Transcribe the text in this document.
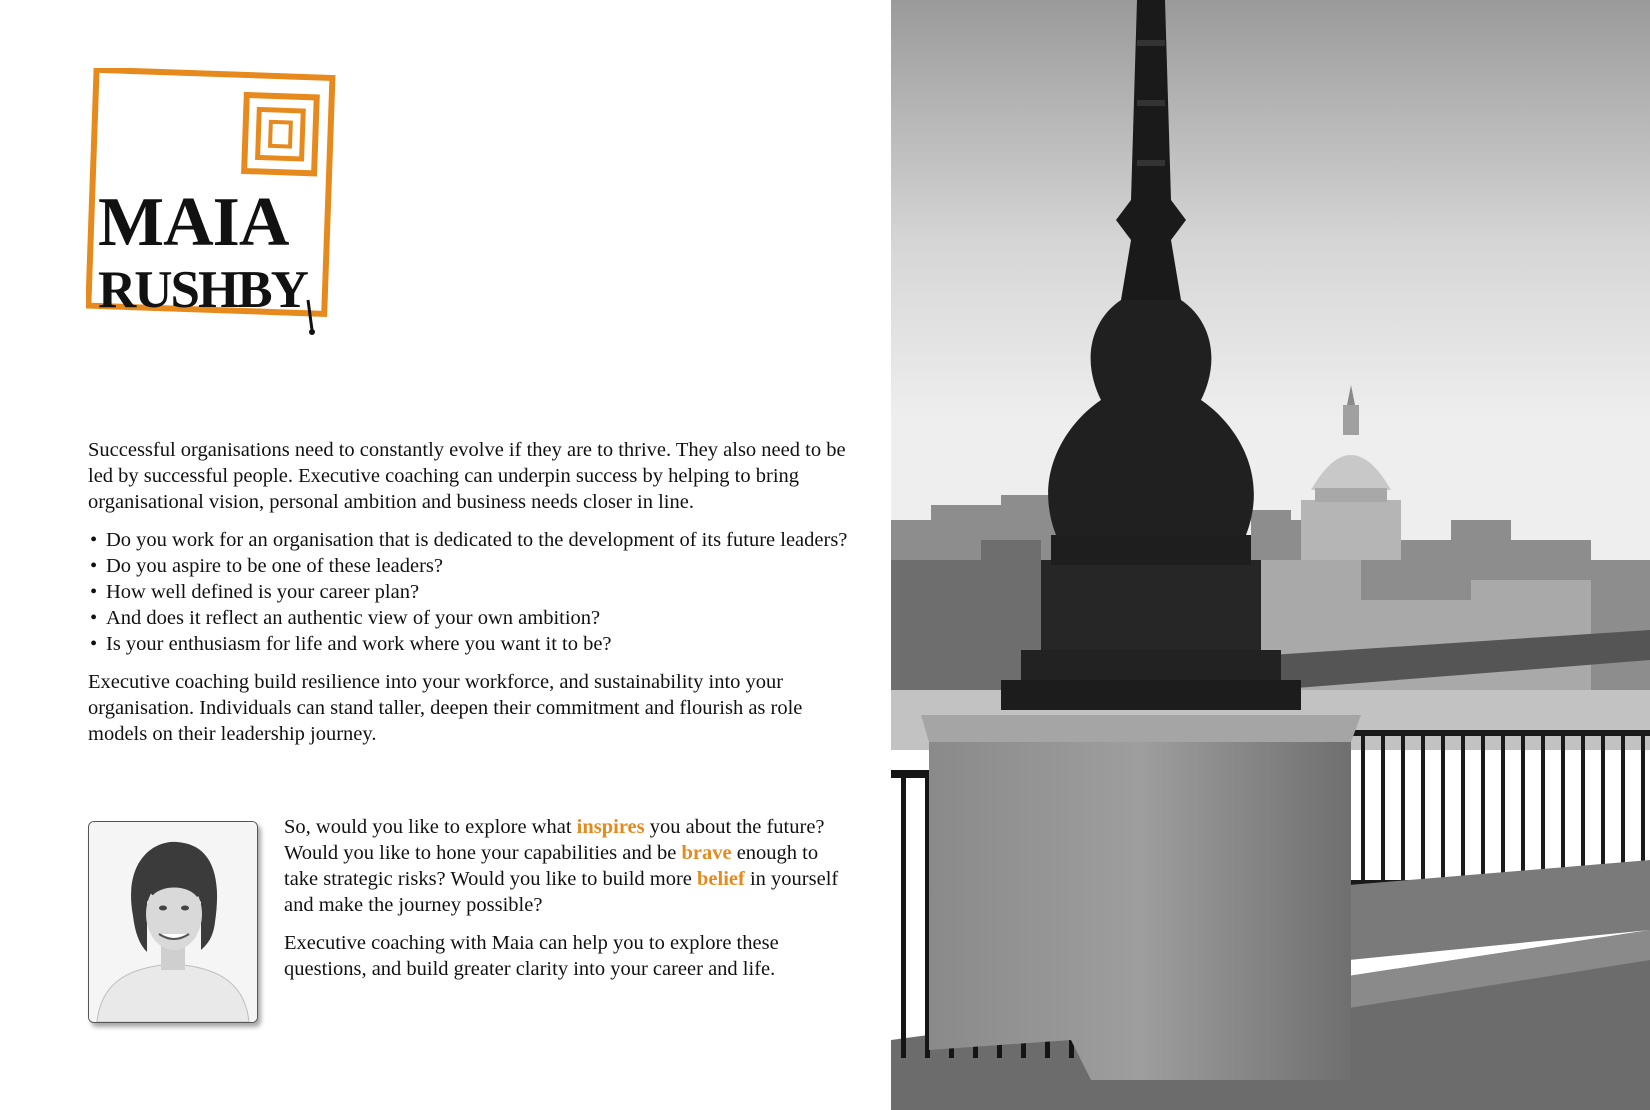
MAIA
RUSHBY

Successful organisations need to constantly evolve if they are to thrive. They also need to be led by successful people. Executive coaching can underpin success by helping to bring organisational vision, personal ambition and business needs closer in line.

• Do you work for an organisation that is dedicated to the development of its future leaders?
• Do you aspire to be one of these leaders?
• How well defined is your career plan?
• And does it reflect an authentic view of your own ambition?
• Is your enthusiasm for life and work where you want it to be?

Executive coaching build resilience into your workforce, and sustainability into your organisation. Individuals can stand taller, deepen their commitment and flourish as role models on their leadership journey.

So, would you like to explore what inspires you about the future? Would you like to hone your capabilities and be brave enough to take strategic risks? Would you like to build more belief in yourself and make the journey possible?

Executive coaching with Maia can help you to explore these questions, and build greater clarity into your career and life.
